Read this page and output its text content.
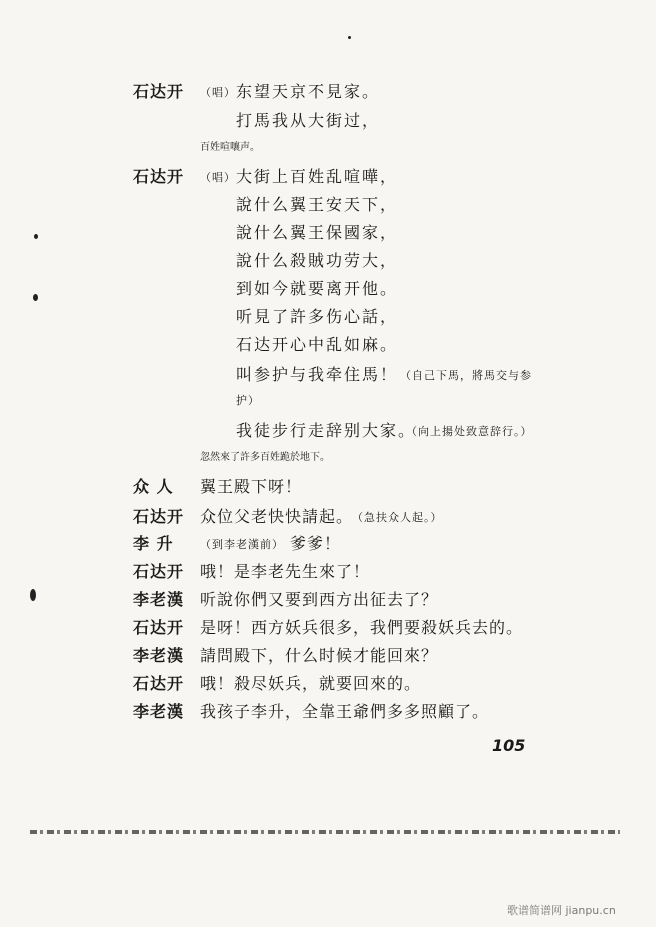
石达开 （唱） 东望天京不見家。
打馬我从大街过，
百姓喧嚷声。
石达开 （唱） 大街上百姓乱喧嘩，
說什么翼王安天下，
說什么翼王保國家，
說什么殺賊功劳大，
到如今就要离开他。
听見了許多伤心話，
石达开心中乱如麻。
叫参护与我牵住馬！ （自己下馬，將馬交与参
护）
我徒步行走辞别大家。
（向上揚处致意辞行。）
忽然來了許多百姓跪於地下。
众 人 翼王殿下呀！
石达开 众位父老快快請起。
（急扶众人起。）
李 升 （到李老漢前） 爹爹！
石达开 哦！是李老先生來了！
李老漢 听說你們又要到西方出征去了？
石达开 是呀！西方妖兵很多，我們要殺妖兵去的。
李老漢 請問殿下，什么时候才能回來？
石达开 哦！殺尽妖兵，就要回來的。
李老漢 我孩子李升，全靠王爺們多多照顧了。
105
歌谱简谱网 jianpu.cn
